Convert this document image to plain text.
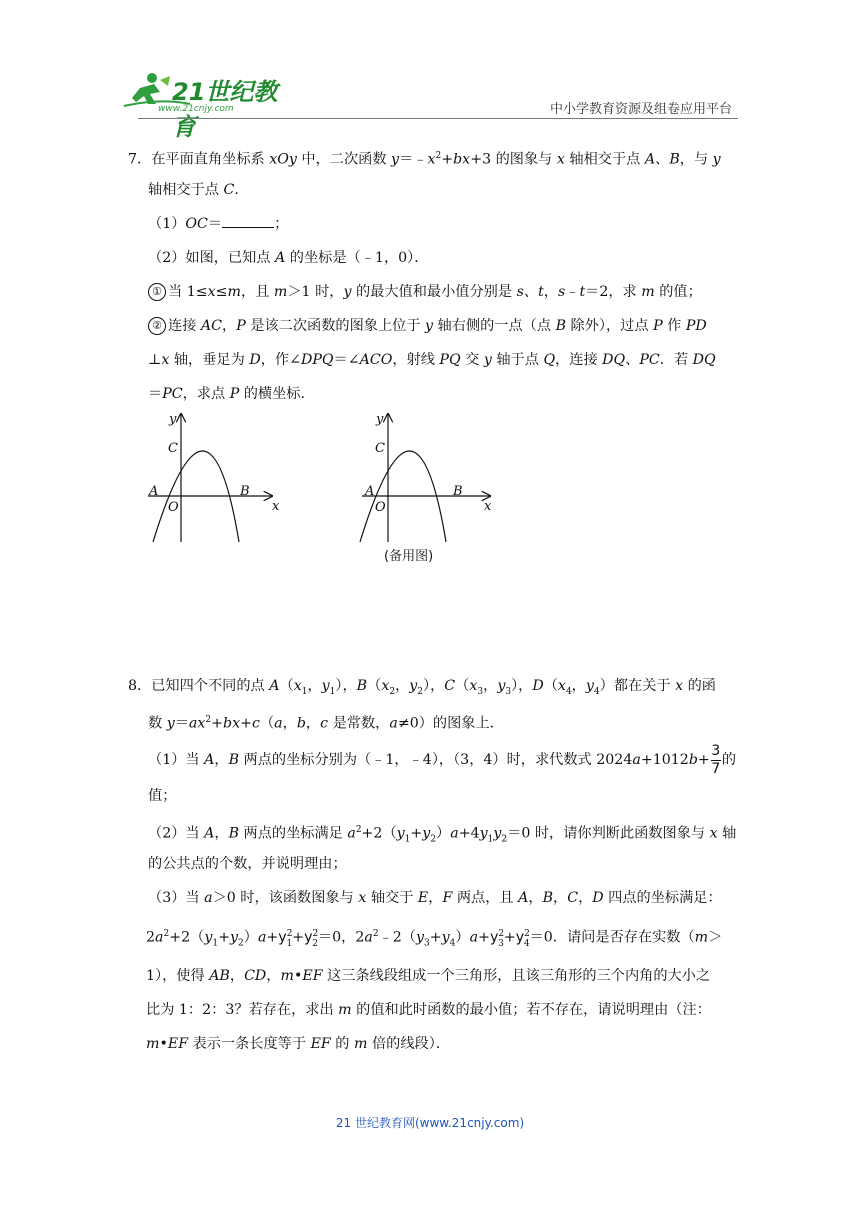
21世纪教育
www.21cnjy.com	中小学教育资源及组卷应用平台
7．在平面直角坐标系 xOy 中，二次函数 $y=﹣x^2+bx+3$ 的图象与 x 轴相交于点 A、B，与 y
轴相交于点 C．
（1）OC＝	；
（2）如图，已知点 A 的坐标是（﹣1，0）．
① 当 1≤x≤m，且 m＞1 时，y 的最大值和最小值分别是 s、t，s﹣t＝2，求 m 的值；
② 连接 AC，P 是该二次函数的图象上位于 y 轴右侧的一点（点 B 除外），过点 P 作 PD
⊥x 轴，垂足为 D，作∠DPQ＝∠ACO，射线 PQ 交 y 轴于点 Q，连接 DQ、PC．若 DQ
＝PC，求点 P 的横坐标．
y
x
C
A	B
O
y
x
C
A	B
O
(备用图)
8．已知四个不同的点 $A(x_1$，$y_1$），$B(x_2$，$y_2$），$C(x_3$，$y_3$），$D(x_4$，$y_4$）都在关于 x 的函
数 $y=ax^2+bx+c(a$，b，c 是常数，a≠0）的图象上．
（1）当 A，B 两点的坐标分别为（﹣1，﹣4），（3，4）时，求代数式 $2024a+1012b+ \frac{3}{7}$ 的
值；
（2）当 A，B 两点的坐标满足 $a^2+2(y_1+y_2)a+4y_1y_2=0$ 时，请你判断此函数图象与 x 轴
的公共点的个数，并说明理由；
（3）当 a＞0 时，该函数图象与 x 轴交于 E，F 两点，且 A，B，C，D 四点的坐标满足：
$2a^2+2(y_1+y_2)a+y^2_1+y^2_2=0$，$2a^2﹣2(y_3+y_4)a+y^2_3+y^2_4=0$．请问是否存在实数（m＞
1），使得 AB，CD，m•EF 这三条线段组成一个三角形，且该三角形的三个内角的大小之
比为 1：2：3？若存在，求出 m 的值和此时函数的最小值；若不存在，请说明理由（注：
m•EF 表示一条长度等于 EF 的 m 倍的线段）．
21 世纪教育网(www.21cnjy.com)
